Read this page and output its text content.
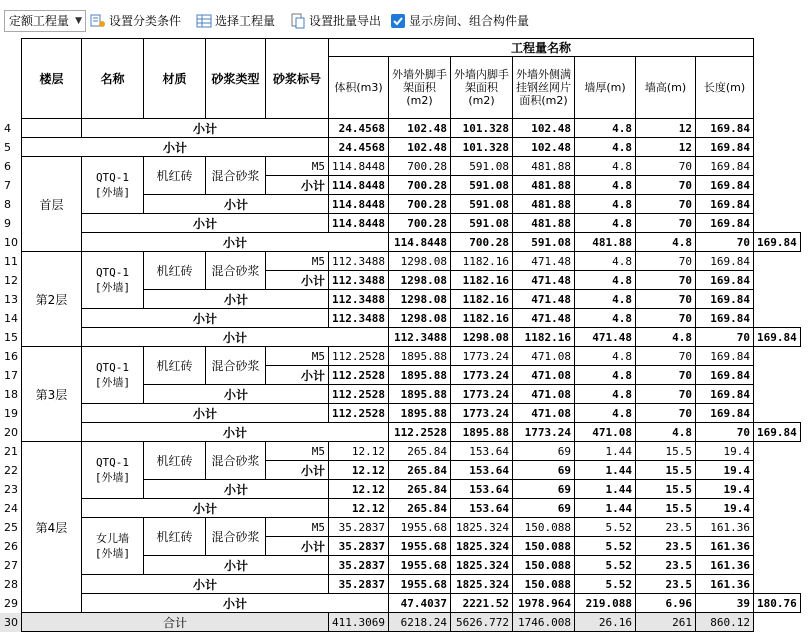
定额工程量 ▼ 设置分类条件	选择工程量	设置批量导出 显示房间、组合构件量
	楼层	名称	材质	砂浆类型	砂浆标号	工程量名称							
						体积(m3)	外墙外脚手架面积(m2)	外墙内脚手架面积(m2)	外墙外侧满挂钢丝网片面积(m2)	墙厚(m)	墙高(m)	长度(m)	
4		小计				24.4568	102.48	101.328	102.48	4.8	12	169.84	
5	小计					24.4568	102.48	101.328	102.48	4.8	12	169.84	
6	首层	QTQ-1 [外墙]	机红砖	混合砂浆	M5	114.8448	700.28	591.08	481.88	4.8	70	169.84	
7					小计	114.8448	700.28	591.08	481.88	4.8	70	169.84	
8			小计			114.8448	700.28	591.08	481.88	4.8	70	169.84	
9		小计				114.8448	700.28	591.08	481.88	4.8	70	169.84	
10		小计					114.8448	700.28	591.08	481.88	4.8	70	169.84
11	第2层	QTQ-1 [外墙]	机红砖	混合砂浆	M5	112.3488	1298.08	1182.16	471.48	4.8	70	169.84	
12					小计	112.3488	1298.08	1182.16	471.48	4.8	70	169.84	
13			小计			112.3488	1298.08	1182.16	471.48	4.8	70	169.84	
14		小计				112.3488	1298.08	1182.16	471.48	4.8	70	169.84	
15		小计					112.3488	1298.08	1182.16	471.48	4.8	70	169.84
16	第3层	QTQ-1 [外墙]	机红砖	混合砂浆	M5	112.2528	1895.88	1773.24	471.08	4.8	70	169.84	
17					小计	112.2528	1895.88	1773.24	471.08	4.8	70	169.84	
18			小计			112.2528	1895.88	1773.24	471.08	4.8	70	169.84	
19		小计				112.2528	1895.88	1773.24	471.08	4.8	70	169.84	
20		小计					112.2528	1895.88	1773.24	471.08	4.8	70	169.84
21	第4层	QTQ-1 [外墙]	机红砖	混合砂浆	M5	12.12	265.84	153.64	69	1.44	15.5	19.4	
22					小计	12.12	265.84	153.64	69	1.44	15.5	19.4	
23			小计			12.12	265.84	153.64	69	1.44	15.5	19.4	
24		小计				12.12	265.84	153.64	69	1.44	15.5	19.4	
25		女儿墙 [外墙]	机红砖	混合砂浆	M5	35.2837	1955.68	1825.324	150.088	5.52	23.5	161.36	
26					小计	35.2837	1955.68	1825.324	150.088	5.52	23.5	161.36	
27			小计			35.2837	1955.68	1825.324	150.088	5.52	23.5	161.36	
28		小计				35.2837	1955.68	1825.324	150.088	5.52	23.5	161.36	
29		小计					47.4037	2221.52	1978.964	219.088	6.96	39	180.76
30	合计					411.3069	6218.24	5626.772	1746.008	26.16	261	860.12	
